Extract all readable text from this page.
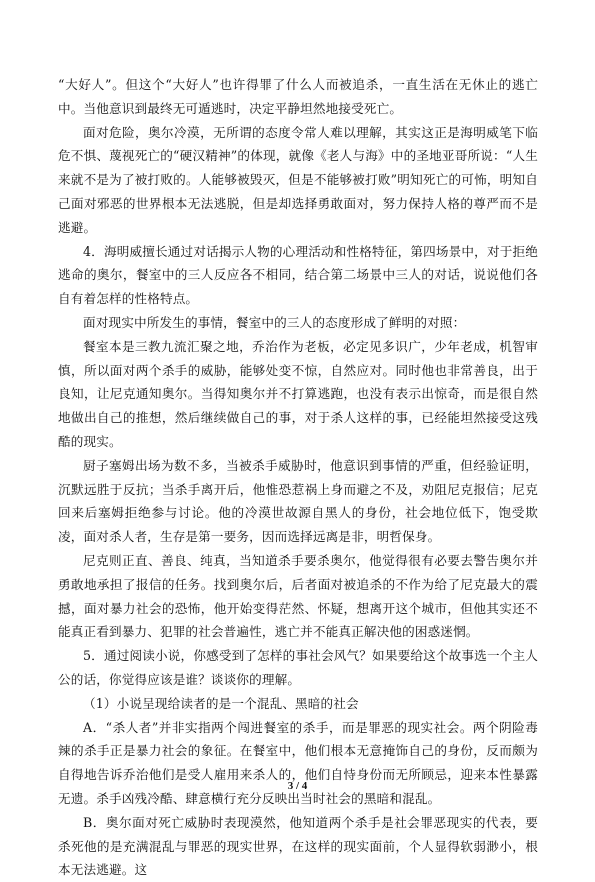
“大好人”。但这个“大好人”也许得罪了什么人而被追杀，一直生活在无休止的逃亡中。当他意识到最终无可遁逃时，决定平静坦然地接受死亡。

面对危险，奥尔冷漠，无所谓的态度令常人难以理解，其实这正是海明威笔下临危不惧、蔑视死亡的“硬汉精神”的体现，就像《老人与海》中的圣地亚哥所说：“人生来就不是为了被打败的。人能够被毁灭，但是不能够被打败”明知死亡的可怖，明知自己面对邪恶的世界根本无法逃脱，但是却选择勇敢面对，努力保持人格的尊严而不是逃避。

4．海明威擅长通过对话揭示人物的心理活动和性格特征，第四场景中，对于拒绝逃命的奥尔，餐室中的三人反应各不相同，结合第二场景中三人的对话，说说他们各自有着怎样的性格特点。

面对现实中所发生的事情，餐室中的三人的态度形成了鲜明的对照：

餐室本是三教九流汇聚之地，乔治作为老板，必定见多识广，少年老成，机智审慎，所以面对两个杀手的威胁，能够处变不惊，自然应对。同时他也非常善良，出于良知，让尼克通知奥尔。当得知奥尔并不打算逃跑，也没有表示出惊奇，而是很自然地做出自己的推想，然后继续做自己的事，对于杀人这样的事，已经能坦然接受这残酷的现实。

厨子塞姆出场为数不多，当被杀手威胁时，他意识到事情的严重，但经验证明，沉默远胜于反抗；当杀手离开后，他惟恐惹祸上身而避之不及，劝阻尼克报信；尼克回来后塞姆拒绝参与讨论。他的冷漠世故源自黑人的身份，社会地位低下，饱受欺凌，面对杀人者，生存是第一要务，因而选择远离是非，明哲保身。

尼克则正直、善良、纯真，当知道杀手要杀奥尔，他觉得很有必要去警告奥尔并勇敢地承担了报信的任务。找到奥尔后，后者面对被追杀的不作为给了尼克最大的震撼，面对暴力社会的恐怖，他开始变得茫然、怀疑，想离开这个城市，但他其实还不能真正看到暴力、犯罪的社会普遍性，逃亡并不能真正解决他的困惑迷惘。

5．通过阅读小说，你感受到了怎样的事社会风气？如果要给这个故事选一个主人公的话，你觉得应该是谁？谈谈你的理解。

（1）小说呈现给读者的是一个混乱、黑暗的社会

A．“杀人者”并非实指两个闯进餐室的杀手，而是罪恶的现实社会。两个阴险毒辣的杀手正是暴力社会的象征。在餐室中，他们根本无意掩饰自己的身份，反而颇为自得地告诉乔治他们是受人雇用来杀人的，他们自恃身份而无所顾忌，迎来本性暴露无遗。杀手凶残冷酷、肆意横行充分反映出当时社会的黑暗和混乱。

B．奥尔面对死亡威胁时表现漠然，他知道两个杀手是社会罪恶现实的代表，要杀死他的是充满混乱与罪恶的现实世界，在这样的现实面前，个人显得软弱渺小，根本无法逃避。这

3 / 4
